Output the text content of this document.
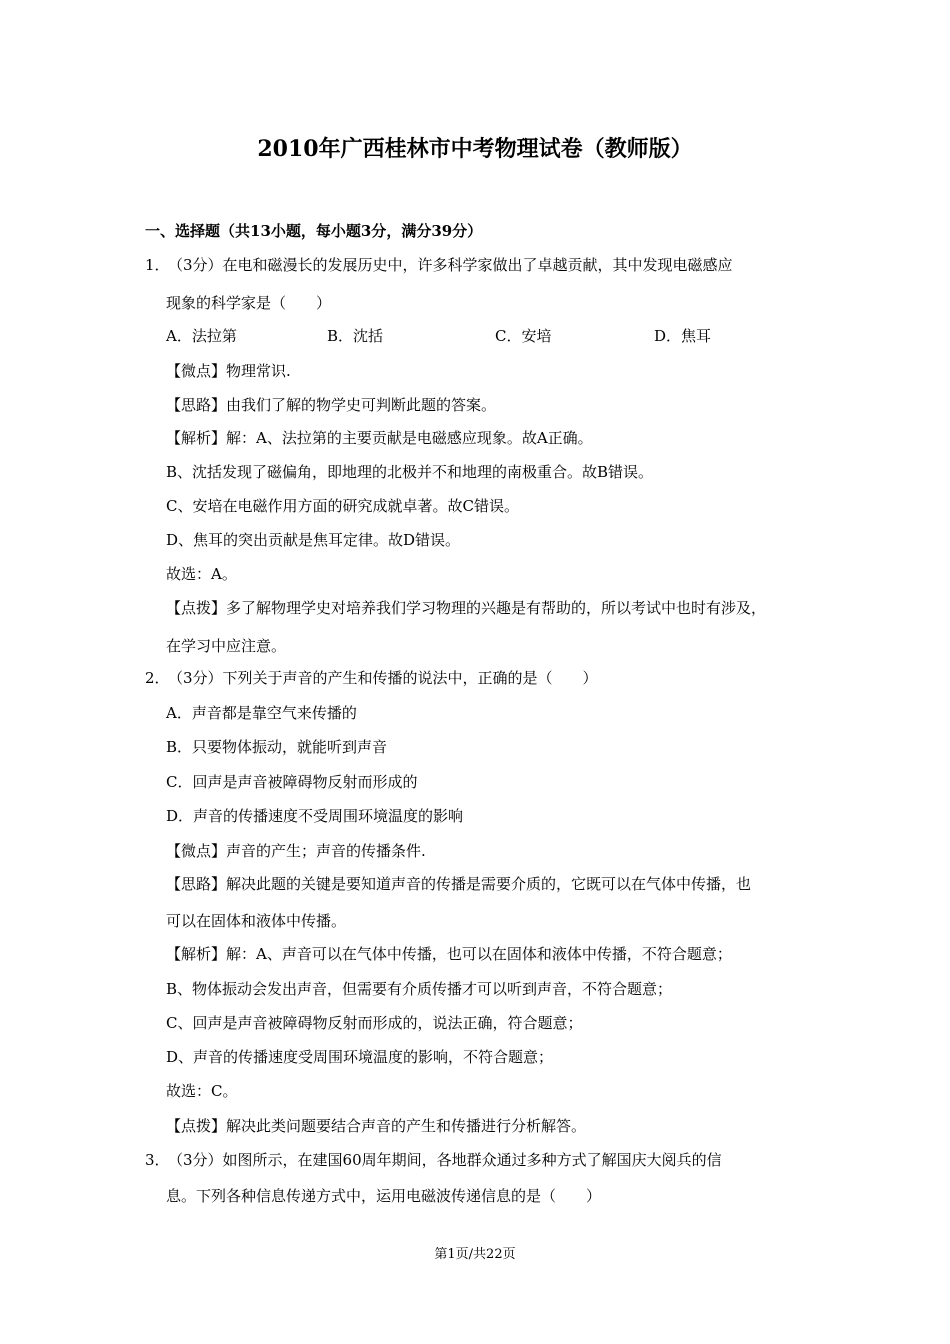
2010年广西桂林市中考物理试卷（教师版）
一、选择题（共13小题，每小题3分，满分39分）
1．
（3分）在电和磁漫长的发展历史中，许多科学家做出了卓越贡献，其中发现电磁感应
现象的科学家是（　　）
A．法拉第	B．沈括	C．安培	D．焦耳
【微点】物理常识.
【思路】由我们了解的物学史可判断此题的答案。
【解析】解：A、法拉第的主要贡献是电磁感应现象。故A正确。
B、沈括发现了磁偏角，即地理的北极并不和地理的南极重合。故B错误。
C、安培在电磁作用方面的研究成就卓著。故C错误。
D、焦耳的突出贡献是焦耳定律。故D错误。
故选：A。
【点拨】多了解物理学史对培养我们学习物理的兴趣是有帮助的，所以考试中也时有涉及，
在学习中应注意。
2．
（3分）下列关于声音的产生和传播的说法中，正确的是（　　）
A．声音都是靠空气来传播的
B．只要物体振动，就能听到声音
C．回声是声音被障碍物反射而形成的
D．声音的传播速度不受周围环境温度的影响
【微点】声音的产生；声音的传播条件.
【思路】解决此题的关键是要知道声音的传播是需要介质的，它既可以在气体中传播，也
可以在固体和液体中传播。
【解析】解：A、声音可以在气体中传播，也可以在固体和液体中传播，不符合题意；
B、物体振动会发出声音，但需要有介质传播才可以听到声音，不符合题意；
C、回声是声音被障碍物反射而形成的，说法正确，符合题意；
D、声音的传播速度受周围环境温度的影响，不符合题意；
故选：C。
【点拨】解决此类问题要结合声音的产生和传播进行分析解答。
3．
（3分）如图所示，在建国60周年期间，各地群众通过多种方式了解国庆大阅兵的信
息。下列各种信息传递方式中，运用电磁波传递信息的是（　　）
第1页/共22页
